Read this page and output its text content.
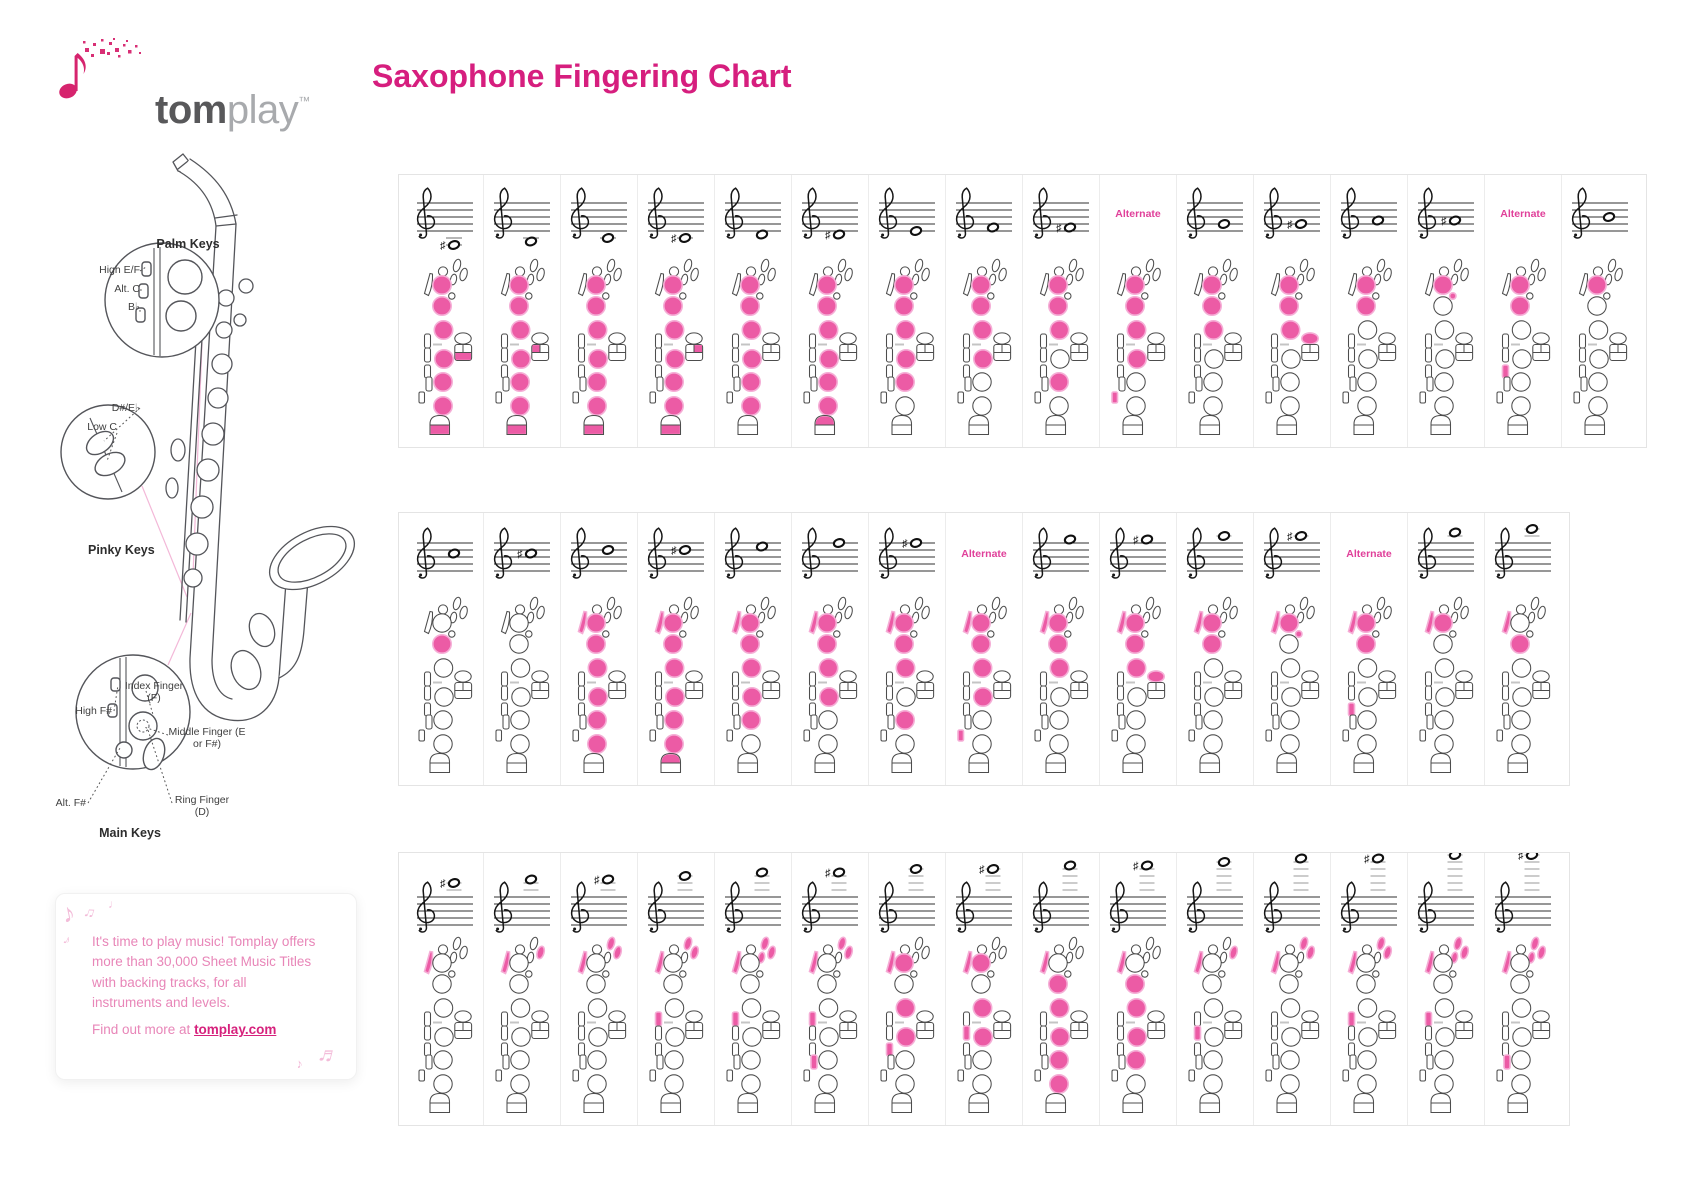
tomplay™
Saxophone Fingering Chart
Palm Keys
High E/F
Alt. C
B♭
D#/E♭
Low C
Pinky Keys
Index Finger (F)
High F#
Middle Finger (E or F#)
Alt. F#	Ring Finger (D)
Main Keys
♯
♯	♯
♯
Alternate
♯	♯
Alternate
♯	♯
♯
Alternate
♯	♯
Alternate
♯	♯
♯	♯	♯
♯	♯
♪ ♫ ♩
♪
♬
♪
It's time to play music! Tomplay offers more than 30,000 Sheet Music Titles with backing tracks, for all instruments and levels.
Find out more at tomplay.com
